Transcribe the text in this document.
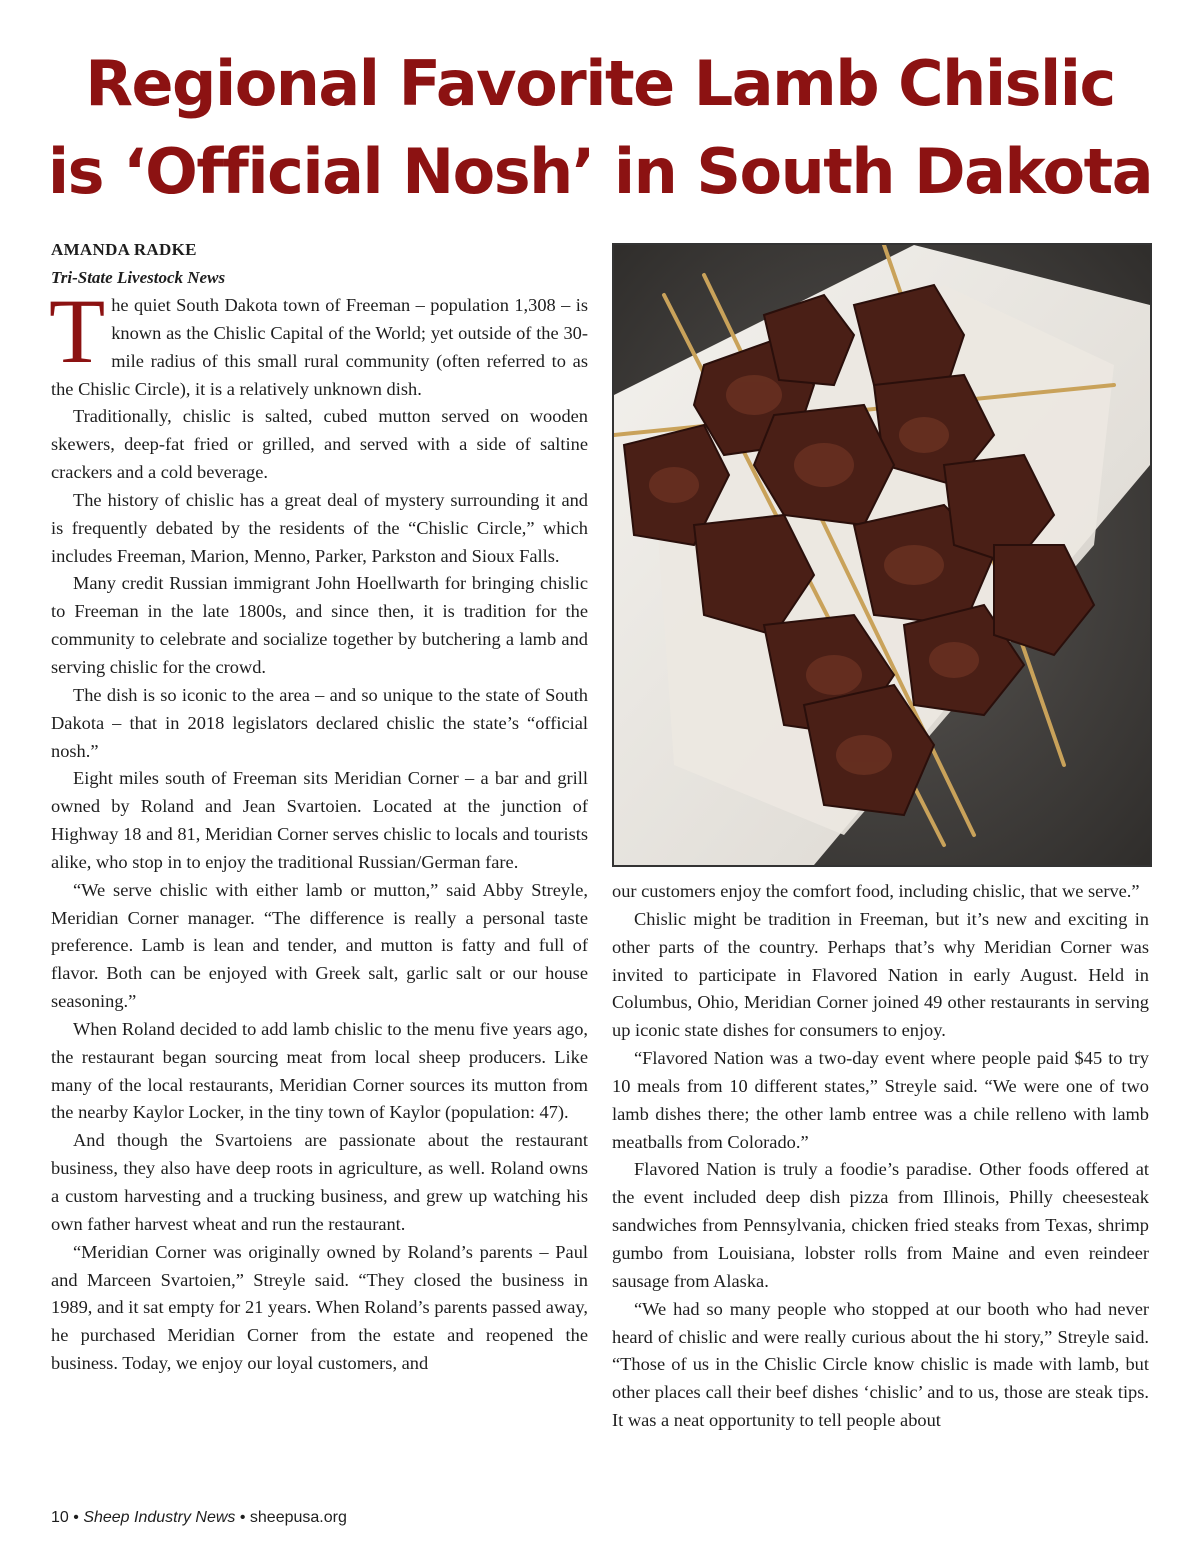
Regional Favorite Lamb Chislic
is ‘Official Nosh’ in South Dakota
AMANDA RADKE
Tri-State Livestock News

The quiet South Dakota town of Freeman – population 1,308 – is known as the Chislic Capital of the World; yet outside of the 30-mile radius of this small rural community (often referred to as the Chislic Circle), it is a relatively unknown dish.

Traditionally, chislic is salted, cubed mutton served on wooden skewers, deep-fat fried or grilled, and served with a side of saltine crackers and a cold beverage.

The history of chislic has a great deal of mystery surrounding it and is frequently debated by the residents of the “Chislic Circle,” which includes Freeman, Marion, Menno, Parker, Parkston and Sioux Falls.

Many credit Russian immigrant John Hoellwarth for bringing chislic to Freeman in the late 1800s, and since then, it is tradition for the community to celebrate and socialize together by butchering a lamb and serving chislic for the crowd.

The dish is so iconic to the area – and so unique to the state of South Dakota – that in 2018 legislators declared chislic the state’s “official nosh.”

Eight miles south of Freeman sits Meridian Corner – a bar and grill owned by Roland and Jean Svartoien. Located at the junction of Highway 18 and 81, Meridian Corner serves chislic to locals and tourists alike, who stop in to enjoy the traditional Russian/German fare.

“We serve chislic with either lamb or mutton,” said Abby Streyle, Meridian Corner manager. “The difference is really a personal taste preference. Lamb is lean and tender, and mutton is fatty and full of flavor. Both can be enjoyed with Greek salt, garlic salt or our house seasoning.”

When Roland decided to add lamb chislic to the menu five years ago, the restaurant began sourcing meat from local sheep producers. Like many of the local restaurants, Meridian Corner sources its mutton from the nearby Kaylor Locker, in the tiny town of Kaylor (population: 47).

And though the Svartoiens are passionate about the restaurant business, they also have deep roots in agriculture, as well. Roland owns a custom harvesting and a trucking business, and grew up watching his own father harvest wheat and run the restaurant.

“Meridian Corner was originally owned by Roland’s parents – Paul and Marceen Svartoien,” Streyle said. “They closed the business in 1989, and it sat empty for 21 years. When Roland’s parents passed away, he purchased Meridian Corner from the estate and reopened the business. Today, we enjoy our loyal customers, and

our customers enjoy the comfort food, including chislic, that we serve.”

Chislic might be tradition in Freeman, but it’s new and exciting in other parts of the country. Perhaps that’s why Meridian Corner was invited to participate in Flavored Nation in early August. Held in Columbus, Ohio, Meridian Corner joined 49 other restaurants in serving up iconic state dishes for consumers to enjoy.

“Flavored Nation was a two-day event where people paid $45 to try 10 meals from 10 different states,” Streyle said. “We were one of two lamb dishes there; the other lamb entree was a chile relleno with lamb meatballs from Colorado.”

Flavored Nation is truly a foodie’s paradise. Other foods offered at the event included deep dish pizza from Illinois, Philly cheesesteak sandwiches from Pennsylvania, chicken fried steaks from Texas, shrimp gumbo from Louisiana, lobster rolls from Maine and even reindeer sausage from Alaska.

“We had so many people who stopped at our booth who had never heard of chislic and were really curious about the hi story,” Streyle said. “Those of us in the Chislic Circle know chislic is made with lamb, but other places call their beef dishes ‘chislic’ and to us, those are steak tips. It was a neat opportunity to tell people about

10 • Sheep Industry News • sheepusa.org
